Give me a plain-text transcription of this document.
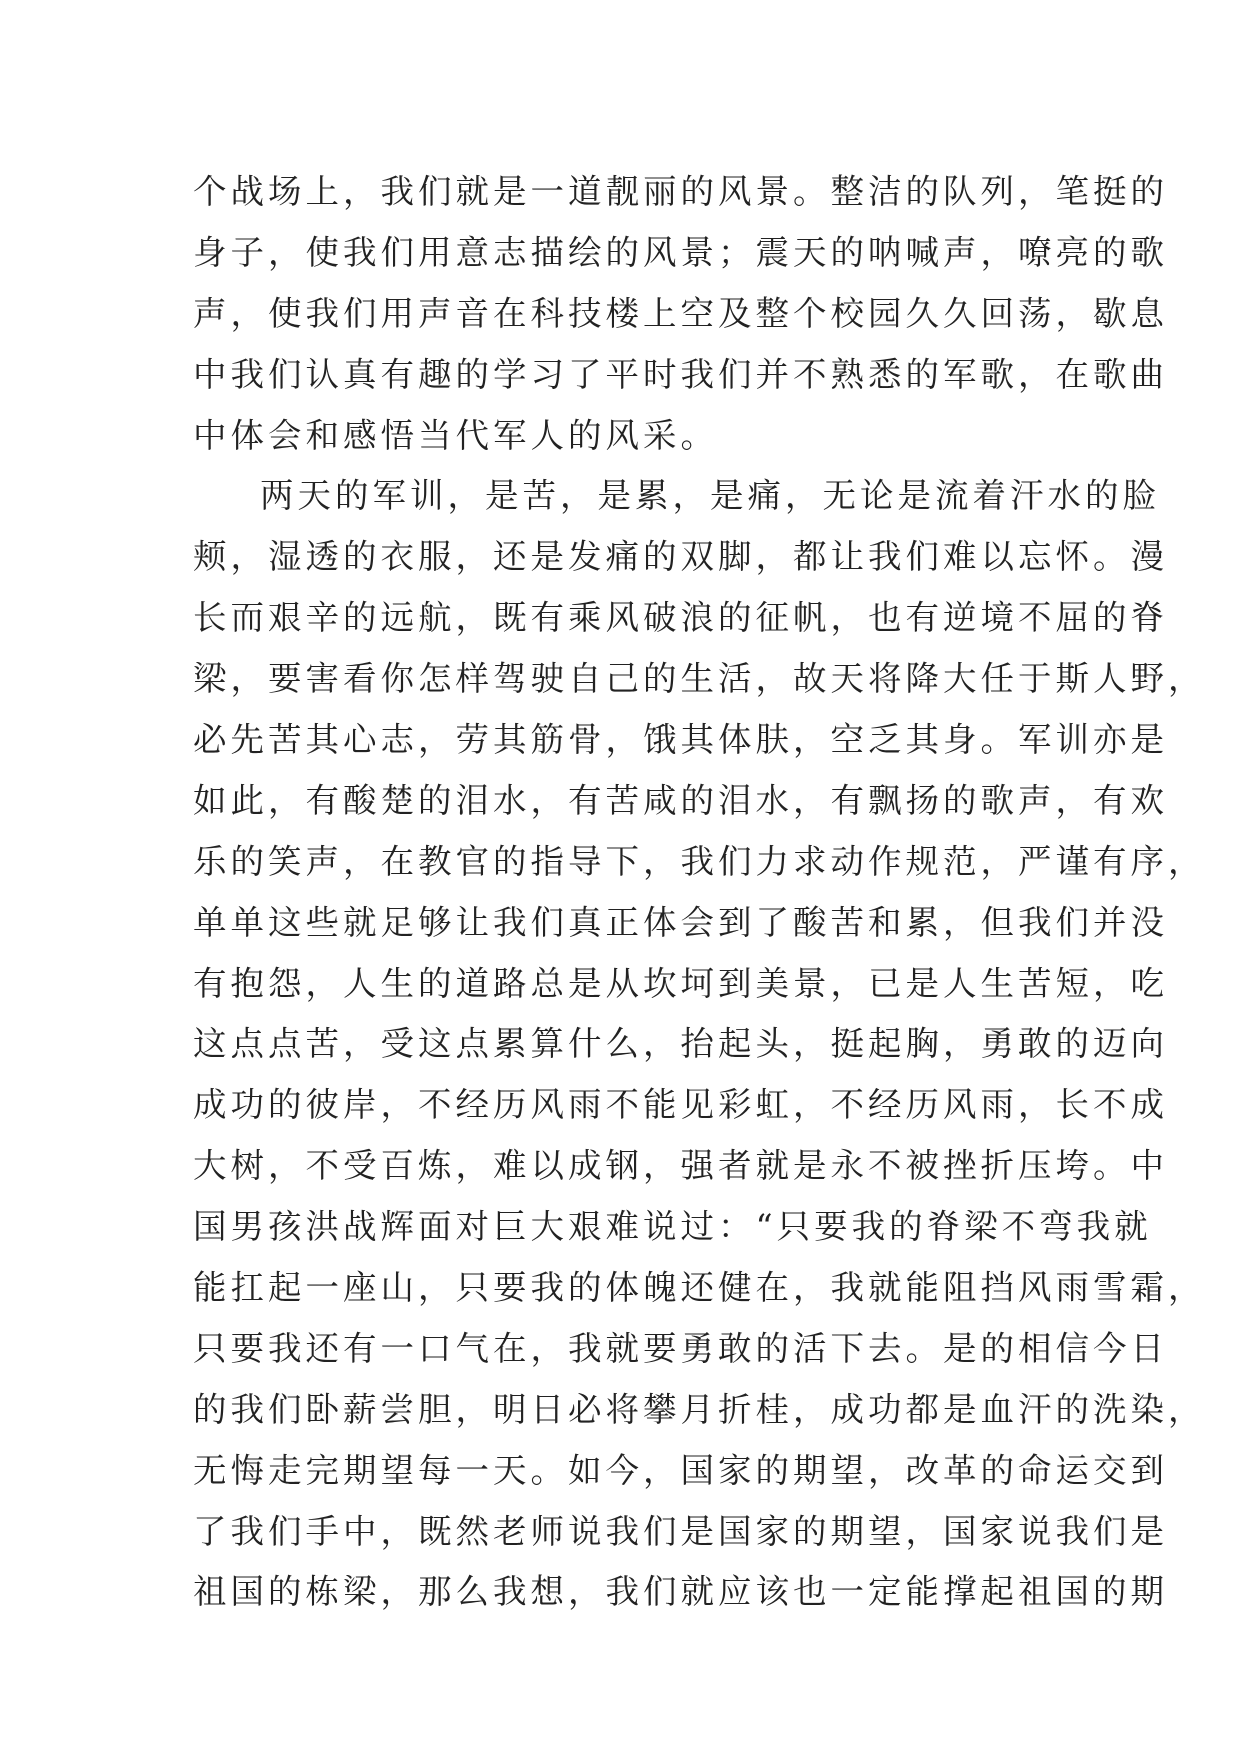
个战场上，我们就是一道靓丽的风景。整洁的队列，笔挺的
身子，使我们用意志描绘的风景；震天的呐喊声，嘹亮的歌
声，使我们用声音在科技楼上空及整个校园久久回荡，歇息
中我们认真有趣的学习了平时我们并不熟悉的军歌，在歌曲
中体会和感悟当代军人的风采。

两天的军训，是苦，是累，是痛，无论是流着汗水的脸
颊，湿透的衣服，还是发痛的双脚，都让我们难以忘怀。漫
长而艰辛的远航，既有乘风破浪的征帆，也有逆境不屈的脊
梁，要害看你怎样驾驶自己的生活，故天将降大任于斯人野，
必先苦其心志，劳其筋骨，饿其体肤，空乏其身。军训亦是
如此，有酸楚的泪水，有苦咸的泪水，有飘扬的歌声，有欢
乐的笑声，在教官的指导下，我们力求动作规范，严谨有序，
单单这些就足够让我们真正体会到了酸苦和累，但我们并没
有抱怨，人生的道路总是从坎坷到美景，已是人生苦短，吃
这点点苦，受这点累算什么，抬起头，挺起胸，勇敢的迈向
成功的彼岸，不经历风雨不能见彩虹，不经历风雨，长不成
大树，不受百炼，难以成钢，强者就是永不被挫折压垮。中
国男孩洪战辉面对巨大艰难说过：“只要我的脊梁不弯我就
能扛起一座山，只要我的体魄还健在，我就能阻挡风雨雪霜，
只要我还有一口气在，我就要勇敢的活下去。是的相信今日
的我们卧薪尝胆，明日必将攀月折桂，成功都是血汗的洗染，
无悔走完期望每一天。如今，国家的期望，改革的命运交到
了我们手中，既然老师说我们是国家的期望，国家说我们是
祖国的栋梁，那么我想，我们就应该也一定能撑起祖国的期
